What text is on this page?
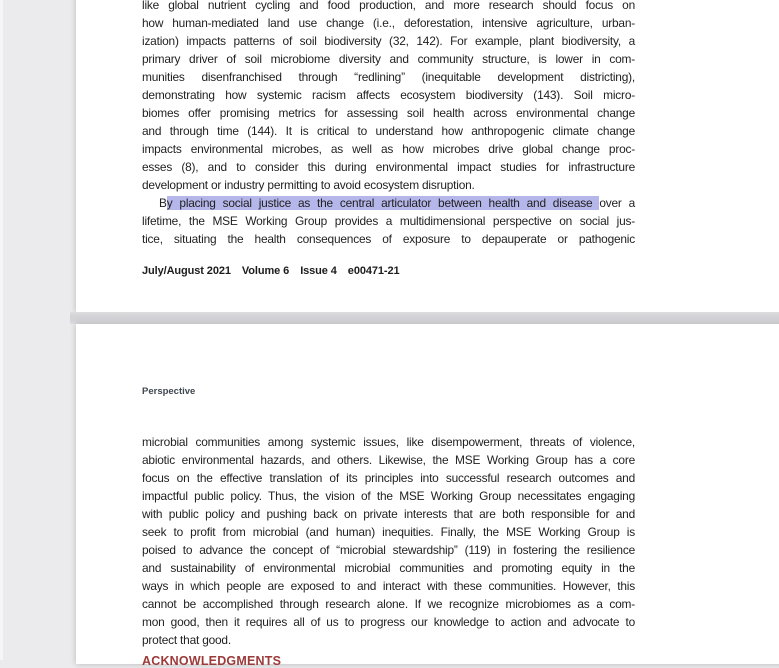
like global nutrient cycling and food production, and more research should focus on
how human-mediated land use change (i.e., deforestation, intensive agriculture, urban-
ization) impacts patterns of soil biodiversity (32, 142). For example, plant biodiversity, a
primary driver of soil microbiome diversity and community structure, is lower in com-
munities disenfranchised through “redlining” (inequitable development districting),
demonstrating how systemic racism affects ecosystem biodiversity (143). Soil micro-
biomes offer promising metrics for assessing soil health across environmental change
and through time (144). It is critical to understand how anthropogenic climate change
impacts environmental microbes, as well as how microbes drive global change proc-
esses (8), and to consider this during environmental impact studies for infrastructure
development or industry permitting to avoid ecosystem disruption.
By placing social justice as the central articulator between health and disease over a
lifetime, the MSE Working Group provides a multidimensional perspective on social jus-
tice, situating the health consequences of exposure to depauperate or pathogenic
July/August 2021 Volume 6 Issue 4 e00471-21
Perspective
microbial communities among systemic issues, like disempowerment, threats of violence,
abiotic environmental hazards, and others. Likewise, the MSE Working Group has a core
focus on the effective translation of its principles into successful research outcomes and
impactful public policy. Thus, the vision of the MSE Working Group necessitates engaging
with public policy and pushing back on private interests that are both responsible for and
seek to profit from microbial (and human) inequities. Finally, the MSE Working Group is
poised to advance the concept of “microbial stewardship” (119) in fostering the resilience
and sustainability of environmental microbial communities and promoting equity in the
ways in which people are exposed to and interact with these communities. However, this
cannot be accomplished through research alone. If we recognize microbiomes as a com-
mon good, then it requires all of us to progress our knowledge to action and advocate to
protect that good.
ACKNOWLEDGMENTS
